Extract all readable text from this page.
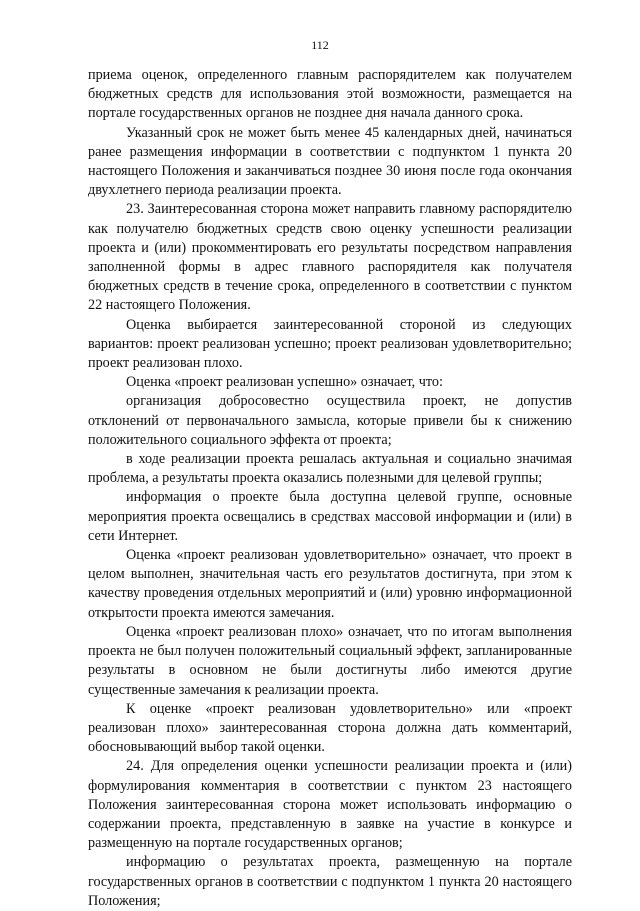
112

приема оценок, определенного главным распорядителем как получателем бюджетных средств для использования этой возможности, размещается на портале государственных органов не позднее дня начала данного срока.

Указанный срок не может быть менее 45 календарных дней, начинаться ранее размещения информации в соответствии с подпунктом 1 пункта 20 настоящего Положения и заканчиваться позднее 30 июня после года окончания двухлетнего периода реализации проекта.

23. Заинтересованная сторона может направить главному распорядителю как получателю бюджетных средств свою оценку успешности реализации проекта и (или) прокомментировать его результаты посредством направления заполненной формы в адрес главного распорядителя как получателя бюджетных средств в течение срока, определенного в соответствии с пунктом 22 настоящего Положения.

Оценка выбирается заинтересованной стороной из следующих вариантов: проект реализован успешно; проект реализован удовлетворительно; проект реализован плохо.

Оценка «проект реализован успешно» означает, что:

организация добросовестно осуществила проект, не допустив отклонений от первоначального замысла, которые привели бы к снижению положительного социального эффекта от проекта;

в ходе реализации проекта решалась актуальная и социально значимая проблема, а результаты проекта оказались полезными для целевой группы;

информация о проекте была доступна целевой группе, основные мероприятия проекта освещались в средствах массовой информации и (или) в сети Интернет.

Оценка «проект реализован удовлетворительно» означает, что проект в целом выполнен, значительная часть его результатов достигнута, при этом к качеству проведения отдельных мероприятий и (или) уровню информационной открытости проекта имеются замечания.

Оценка «проект реализован плохо» означает, что по итогам выполнения проекта не был получен положительный социальный эффект, запланированные результаты в основном не были достигнуты либо имеются другие существенные замечания к реализации проекта.

К оценке «проект реализован удовлетворительно» или «проект реализован плохо» заинтересованная сторона должна дать комментарий, обосновывающий выбор такой оценки.

24. Для определения оценки успешности реализации проекта и (или) формулирования комментария в соответствии с пунктом 23 настоящего Положения заинтересованная сторона может использовать информацию о содержании проекта, представленную в заявке на участие в конкурсе и размещенную на портале государственных органов;

информацию о результатах проекта, размещенную на портале государственных органов в соответствии с подпунктом 1 пункта 20 настоящего Положения;
